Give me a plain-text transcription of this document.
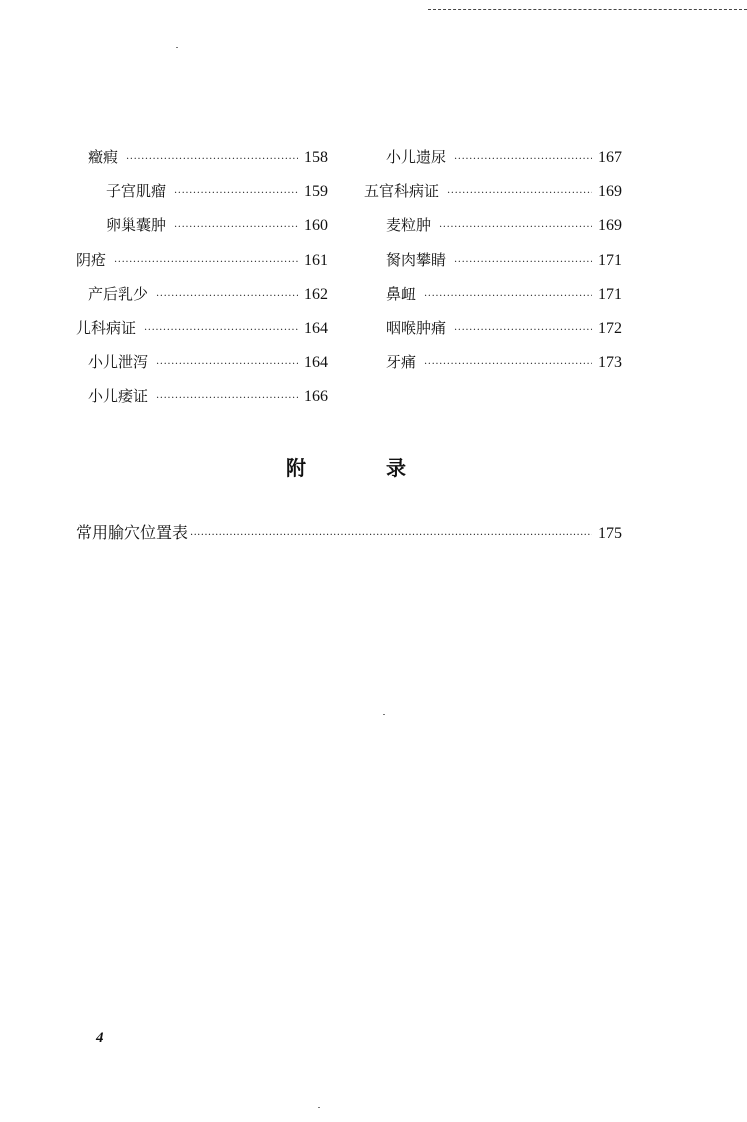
癥瘕 .....	158
子宫肌瘤 .....	159
卵巢囊肿 .....	160
阴疮 .....	161
产后乳少 .....	162
儿科病证 .....	164
小儿泄泻 .....	164
小儿痿证 .....	166
小儿遗尿 .....	167
五官科病证 .....	169
麦粒肿 .....	169
胬肉攀睛 .....	171
鼻衄 .....	171
咽喉肿痛 .....	172
牙痛 .....	173
附	录
常用腧穴位置表 .....	175
4
